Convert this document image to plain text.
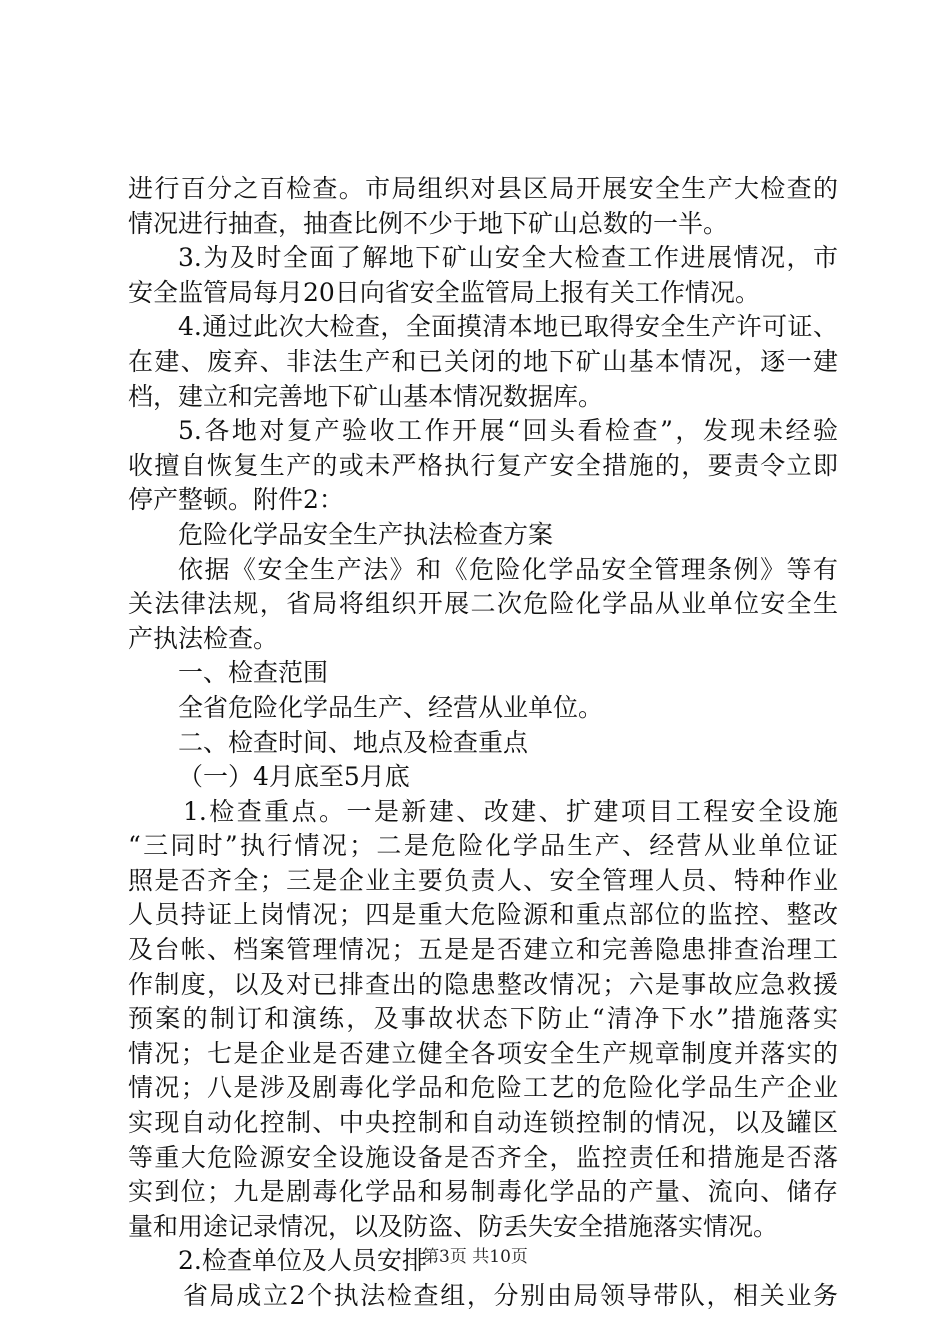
进行百分之百检查。市局组织对县区局开展安全生产大检查的
情况进行抽查，抽查比例不少于地下矿山总数的一半。
3.为及时全面了解地下矿山安全大检查工作进展情况，市
安全监管局每月20日向省安全监管局上报有关工作情况。
4.通过此次大检查，全面摸清本地已取得安全生产许可证、
在建、废弃、非法生产和已关闭的地下矿山基本情况，逐一建
档，建立和完善地下矿山基本情况数据库。
5.各地对复产验收工作开展“回头看检查”，发现未经验
收擅自恢复生产的或未严格执行复产安全措施的，要责令立即
停产整顿。附件2：
危险化学品安全生产执法检查方案
依据《安全生产法》和《危险化学品安全管理条例》等有
关法律法规，省局将组织开展二次危险化学品从业单位安全生
产执法检查。
一、检查范围
全省危险化学品生产、经营从业单位。
二、检查时间、地点及检查重点
（一）4月底至5月底
1.检查重点。一是新建、改建、扩建项目工程安全设施
“三同时”执行情况；二是危险化学品生产、经营从业单位证
照是否齐全；三是企业主要负责人、安全管理人员、特种作业
人员持证上岗情况；四是重大危险源和重点部位的监控、整改
及台帐、档案管理情况；五是是否建立和完善隐患排查治理工
作制度，以及对已排查出的隐患整改情况；六是事故应急救援
预案的制订和演练，及事故状态下防止“清净下水”措施落实
情况；七是企业是否建立健全各项安全生产规章制度并落实的
情况；八是涉及剧毒化学品和危险工艺的危险化学品生产企业
实现自动化控制、中央控制和自动连锁控制的情况，以及罐区
等重大危险源安全设施设备是否齐全，监控责任和措施是否落
实到位；九是剧毒化学品和易制毒化学品的产量、流向、储存
量和用途记录情况，以及防盗、防丢失安全措施落实情况。
2.检查单位及人员安排
省局成立2个执法检查组，分别由局领导带队，相关业务
第3页 共10页
